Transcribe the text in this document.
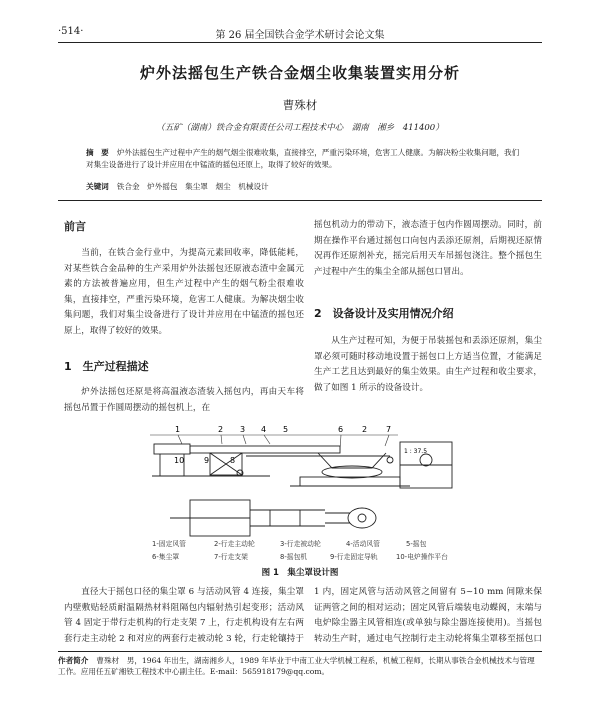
·514·	第 26 届全国铁合金学术研讨会论文集
炉外法摇包生产铁合金烟尘收集装置实用分析
曹殊材
（五矿（湖南）铁合金有限责任公司工程技术中心　湖南　湘乡　411400）
摘　要 炉外法摇包生产过程中产生的烟气烟尘很难收集，直接排空，严重污染环境，危害工人健康。为解决粉尘收集问题，我们对集尘设备进行了设计并应用在中锰渣的摇包还原上，取得了较好的效果。
关键词 铁合金　炉外摇包　集尘罩　烟尘　机械设计
前言
当前，在铁合金行业中，为提高元素回收率，降低能耗，对某些铁合金品种的生产采用炉外法摇包还原液态渣中金属元素的方法被普遍应用，但生产过程中产生的烟气粉尘很难收集，直接排空，严重污染环境，危害工人健康。为解决烟尘收集问题，我们对集尘设备进行了设计并应用在中锰渣的摇包还原上，取得了较好的效果。
1　生产过程描述
炉外法摇包还原是将高温液态渣装入摇包内，再由天车将摇包吊置于作圆周摆动的摇包机上，在
摇包机动力的带动下，液态渣于包内作圆周摆动。同时，前期在操作平台通过摇包口向包内丢添还原剂，后期视还原情况再作还原剂补充，摇完后用天车吊摇包浇注。整个摇包生产过程中产生的集尘全部从摇包口冒出。
2　设备设计及实用情况介绍
从生产过程可知，为便于吊装摇包和丢添还原剂，集尘罩必须可随时移动地设置于摇包口上方适当位置，才能满足生产工艺且达到最好的集尘效果。由生产过程和收尘要求，做了如图 1 所示的设备设计。
1	2 3 4 5	6 2 7
10 9	8
1 : 37.5
1-固定风管	2-行走主动轮	3-行走被动轮	4-活动风管	5-摇包
6-集尘罩	7-行走支架	8-摇包机	9-行走固定导轨	10-电炉操作平台
图 1　集尘罩设计图
直径大于摇包口径的集尘罩 6 与活动风管 4 连接，集尘罩内壁敷贴轻质耐温隔热材料阻隔包内辐射热引起变形；活动风管 4 固定于带行走机构的行走支架 7 上，行走机构设有左右两套行走主动轮 2 和对应的两套行走被动轮 3 轮，行走轮镶持于
1 内，固定风管与活动风管之间留有 5~10 mm 间隙来保证两管之间的相对运动；固定风管后端装电动蝶阀，末端与电炉除尘器主风管相连(或单独与除尘器连接使用)。当摇包转动生产时，通过电气控制行走主动轮将集尘罩移至摇包口
作者简介 曹殊材　男，1964 年出生，湖南湘乡人，1989 年毕业于中南工业大学机械工程系，机械工程师，长期从事铁合金机械技术与管理工作。应用任五矿湘铁工程技术中心副主任。E-mail：565918179@qq.com。
